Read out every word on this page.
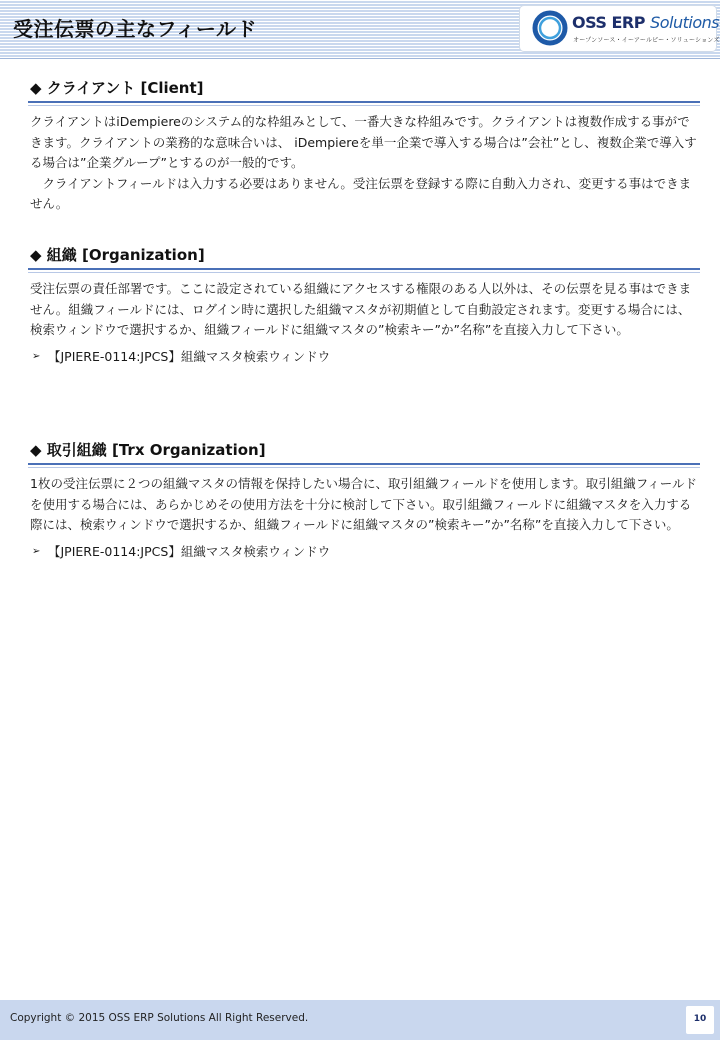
受注伝票の主なフィールド	OSS ERP Solutions
オープンソース・イーアールピー・ソリューションズ
◆ クライアント [Client]

クライアントはiDempiereのシステム的な枠組みとして、一番大きな枠組みです。クライアントは複数作成する事ができます。クライアントの業務的な意味合いは、 iDempiereを単一企業で導入する場合は”会社”とし、複数企業で導入する場合は”企業グループ”とするのが一般的です。

　クライアントフィールドは入力する必要はありません。受注伝票を登録する際に自動入力され、変更する事はできません。

◆ 組織 [Organization]

受注伝票の責任部署です。ここに設定されている組織にアクセスする権限のある人以外は、その伝票を見る事はできません。組織フィールドには、ログイン時に選択した組織マスタが初期値として自動設定されます。変更する場合には、検索ウィンドウで選択するか、組織フィールドに組織マスタの”検索キー”か”名称”を直接入力して下さい。

➢ 【JPIERE-0114:JPCS】組織マスタ検索ウィンドウ
◆ 取引組織 [Trx Organization]

1枚の受注伝票に２つの組織マスタの情報を保持したい場合に、取引組織フィールドを使用します。取引組織フィールドを使用する場合には、あらかじめその使用方法を十分に検討して下さい。取引組織フィールドに組織マスタを入力する際には、検索ウィンドウで選択するか、組織フィールドに組織マスタの”検索キー”か”名称”を直接入力して下さい。

➢ 【JPIERE-0114:JPCS】組織マスタ検索ウィンドウ
Copyright © 2015 OSS ERP Solutions All Right Reserved.	10
